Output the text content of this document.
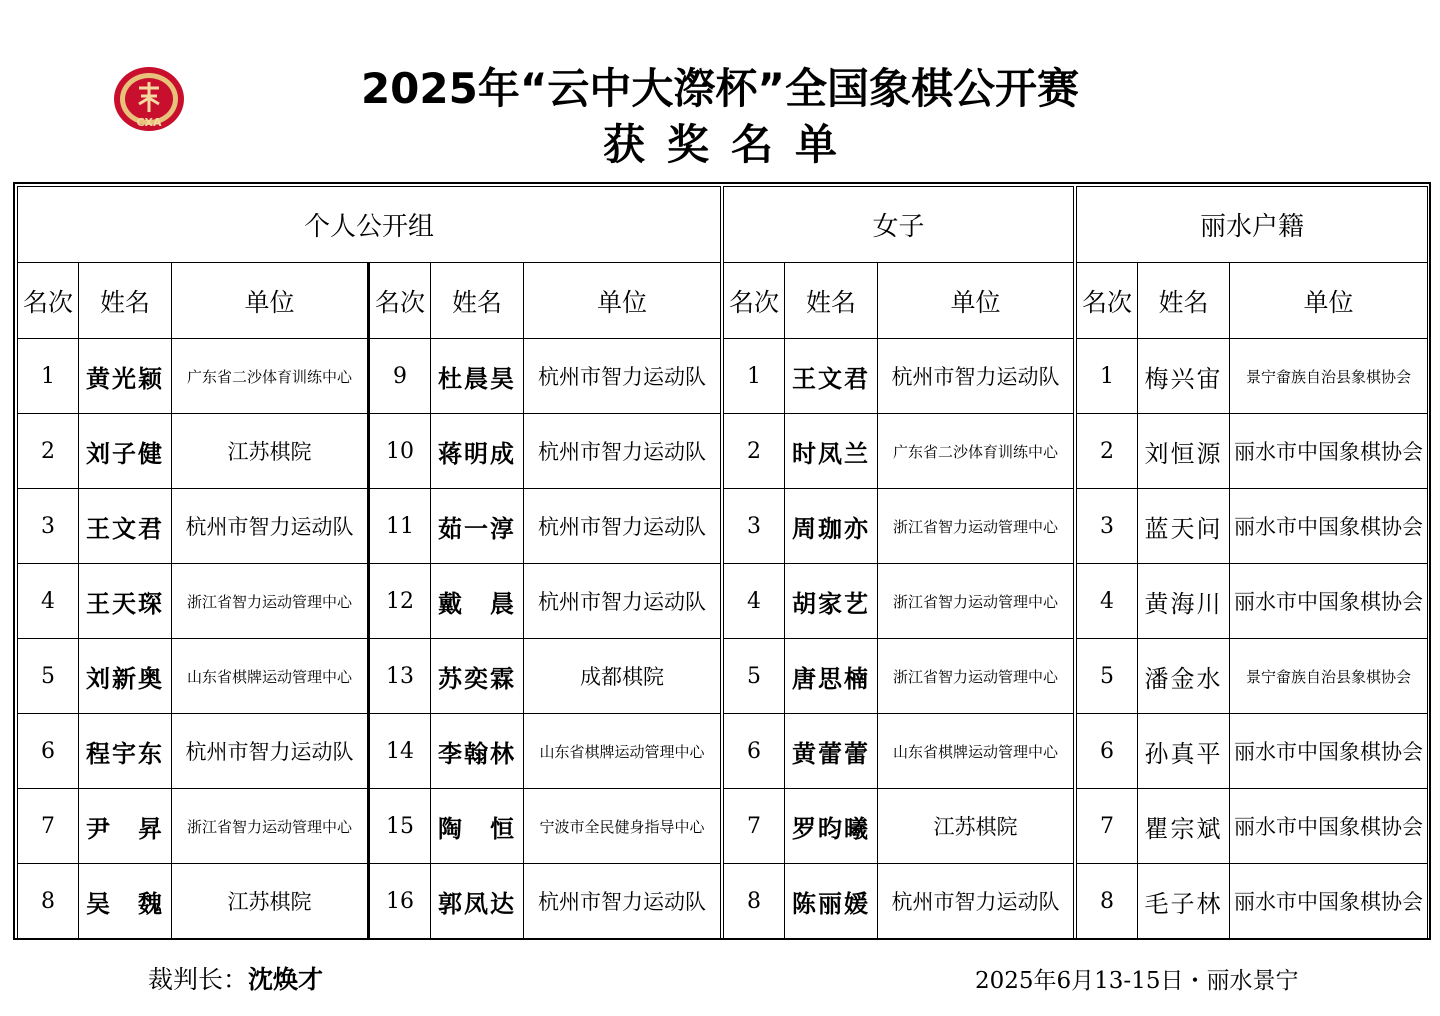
CXA
2025年“云中大漈杯”全国象棋公开赛
获奖名单
个人公开组					
名次	姓名	单位	名次	姓名	单位
1	黄光颖	广东省二沙体育训练中心	9	杜晨昊	杭州市智力运动队
2	刘子健	江苏棋院	10	蒋明成	杭州市智力运动队
3	王文君	杭州市智力运动队	11	茹一淳	杭州市智力运动队
4	王天琛	浙江省智力运动管理中心	12	戴　晨	杭州市智力运动队
5	刘新奥	山东省棋牌运动管理中心	13	苏奕霖	成都棋院
6	程宇东	杭州市智力运动队	14	李翰林	山东省棋牌运动管理中心
7	尹　昇	浙江省智力运动管理中心	15	陶　恒	宁波市全民健身指导中心
8	吴　魏	江苏棋院	16	郭凤达	杭州市智力运动队
女子		
名次	姓名	单位
1	王文君	杭州市智力运动队
2	时凤兰	广东省二沙体育训练中心
3	周珈亦	浙江省智力运动管理中心
4	胡家艺	浙江省智力运动管理中心
5	唐思楠	浙江省智力运动管理中心
6	黄蕾蕾	山东省棋牌运动管理中心
7	罗昀曦	江苏棋院
8	陈丽媛	杭州市智力运动队
丽水户籍		
名次	姓名	单位
1	梅兴宙	景宁畲族自治县象棋协会
2	刘恒源	丽水市中国象棋协会
3	蓝天问	丽水市中国象棋协会
4	黄海川	丽水市中国象棋协会
5	潘金水	景宁畲族自治县象棋协会
6	孙真平	丽水市中国象棋协会
7	瞿宗斌	丽水市中国象棋协会
8	毛子林	丽水市中国象棋协会
裁判长：沈焕才	2025年6月13-15日・丽水景宁
